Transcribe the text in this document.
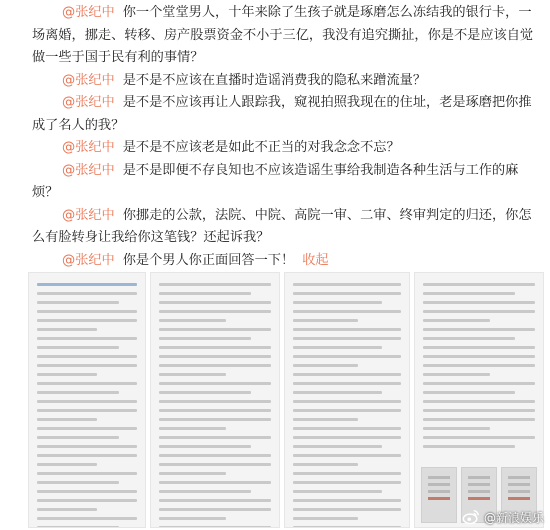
@张纪中 你一个堂堂男人，十年来除了生孩子就是琢磨怎么冻结我的银行卡，一场离婚，挪走、转移、房产股票资金不小于三亿，我没有追究撕扯，你是不是应该自觉做一些于国于民有利的事情？

@张纪中 是不是不应该在直播时造谣消费我的隐私来蹭流量？

@张纪中 是不是不应该再让人跟踪我，窥视拍照我现在的住址，老是琢磨把你推成了名人的我？

@张纪中 是不是不应该老是如此不正当的对我念念不忘？

@张纪中 是不是即便不存良知也不应该造谣生事给我制造各种生活与工作的麻烦？

@张纪中 你挪走的公款，法院、中院、高院一审、二审、终审判定的归还，你怎么有脸转身让我给你这笔钱？还起诉我？

@张纪中 你是个男人你正面回答一下！ 收起

@新浪娱乐
